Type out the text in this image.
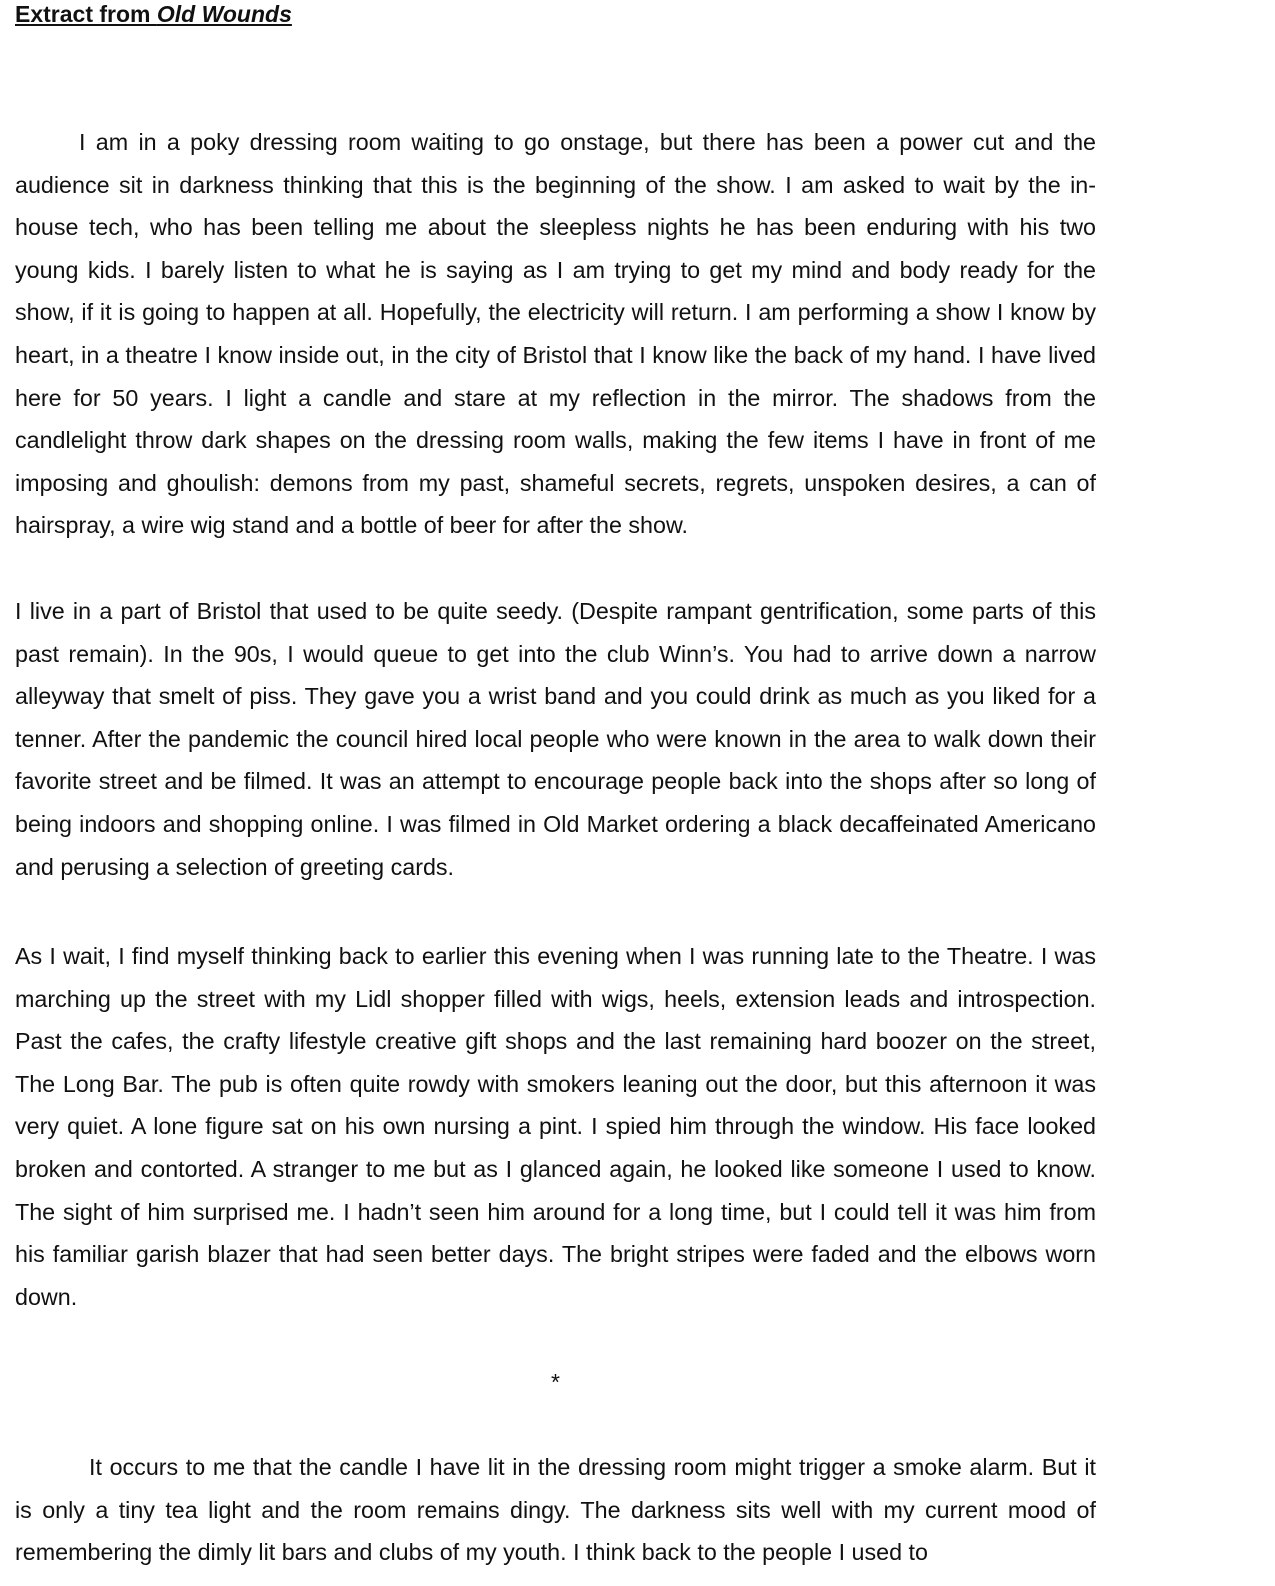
Extract from Old Wounds

I am in a poky dressing room waiting to go onstage, but there has been a power cut and the audience sit in darkness thinking that this is the beginning of the show. I am asked to wait by the in-house tech, who has been telling me about the sleepless nights he has been enduring with his two young kids. I barely listen to what he is saying as I am trying to get my mind and body ready for the show, if it is going to happen at all. Hopefully, the electricity will return. I am performing a show I know by heart, in a theatre I know inside out, in the city of Bristol that I know like the back of my hand. I have lived here for 50 years. I light a candle and stare at my reflection in the mirror. The shadows from the candlelight throw dark shapes on the dressing room walls, making the few items I have in front of me imposing and ghoulish: demons from my past, shameful secrets, regrets, unspoken desires, a can of hairspray, a wire wig stand and a bottle of beer for after the show.

I live in a part of Bristol that used to be quite seedy. (Despite rampant gentrification, some parts of this past remain). In the 90s, I would queue to get into the club Winn’s. You had to arrive down a narrow alleyway that smelt of piss. They gave you a wrist band and you could drink as much as you liked for a tenner. After the pandemic the council hired local people who were known in the area to walk down their favorite street and be filmed. It was an attempt to encourage people back into the shops after so long of being indoors and shopping online. I was filmed in Old Market ordering a black decaffeinated Americano and perusing a selection of greeting cards.

As I wait, I find myself thinking back to earlier this evening when I was running late to the Theatre. I was marching up the street with my Lidl shopper filled with wigs, heels, extension leads and introspection. Past the cafes, the crafty lifestyle creative gift shops and the last remaining hard boozer on the street, The Long Bar. The pub is often quite rowdy with smokers leaning out the door, but this afternoon it was very quiet. A lone figure sat on his own nursing a pint. I spied him through the window. His face looked broken and contorted. A stranger to me but as I glanced again, he looked like someone I used to know. The sight of him surprised me. I hadn’t seen him around for a long time, but I could tell it was him from his familiar garish blazer that had seen better days. The bright stripes were faded and the elbows worn down.

*

It occurs to me that the candle I have lit in the dressing room might trigger a smoke alarm. But it is only a tiny tea light and the room remains dingy. The darkness sits well with my current mood of remembering the dimly lit bars and clubs of my youth. I think back to the people I used to
